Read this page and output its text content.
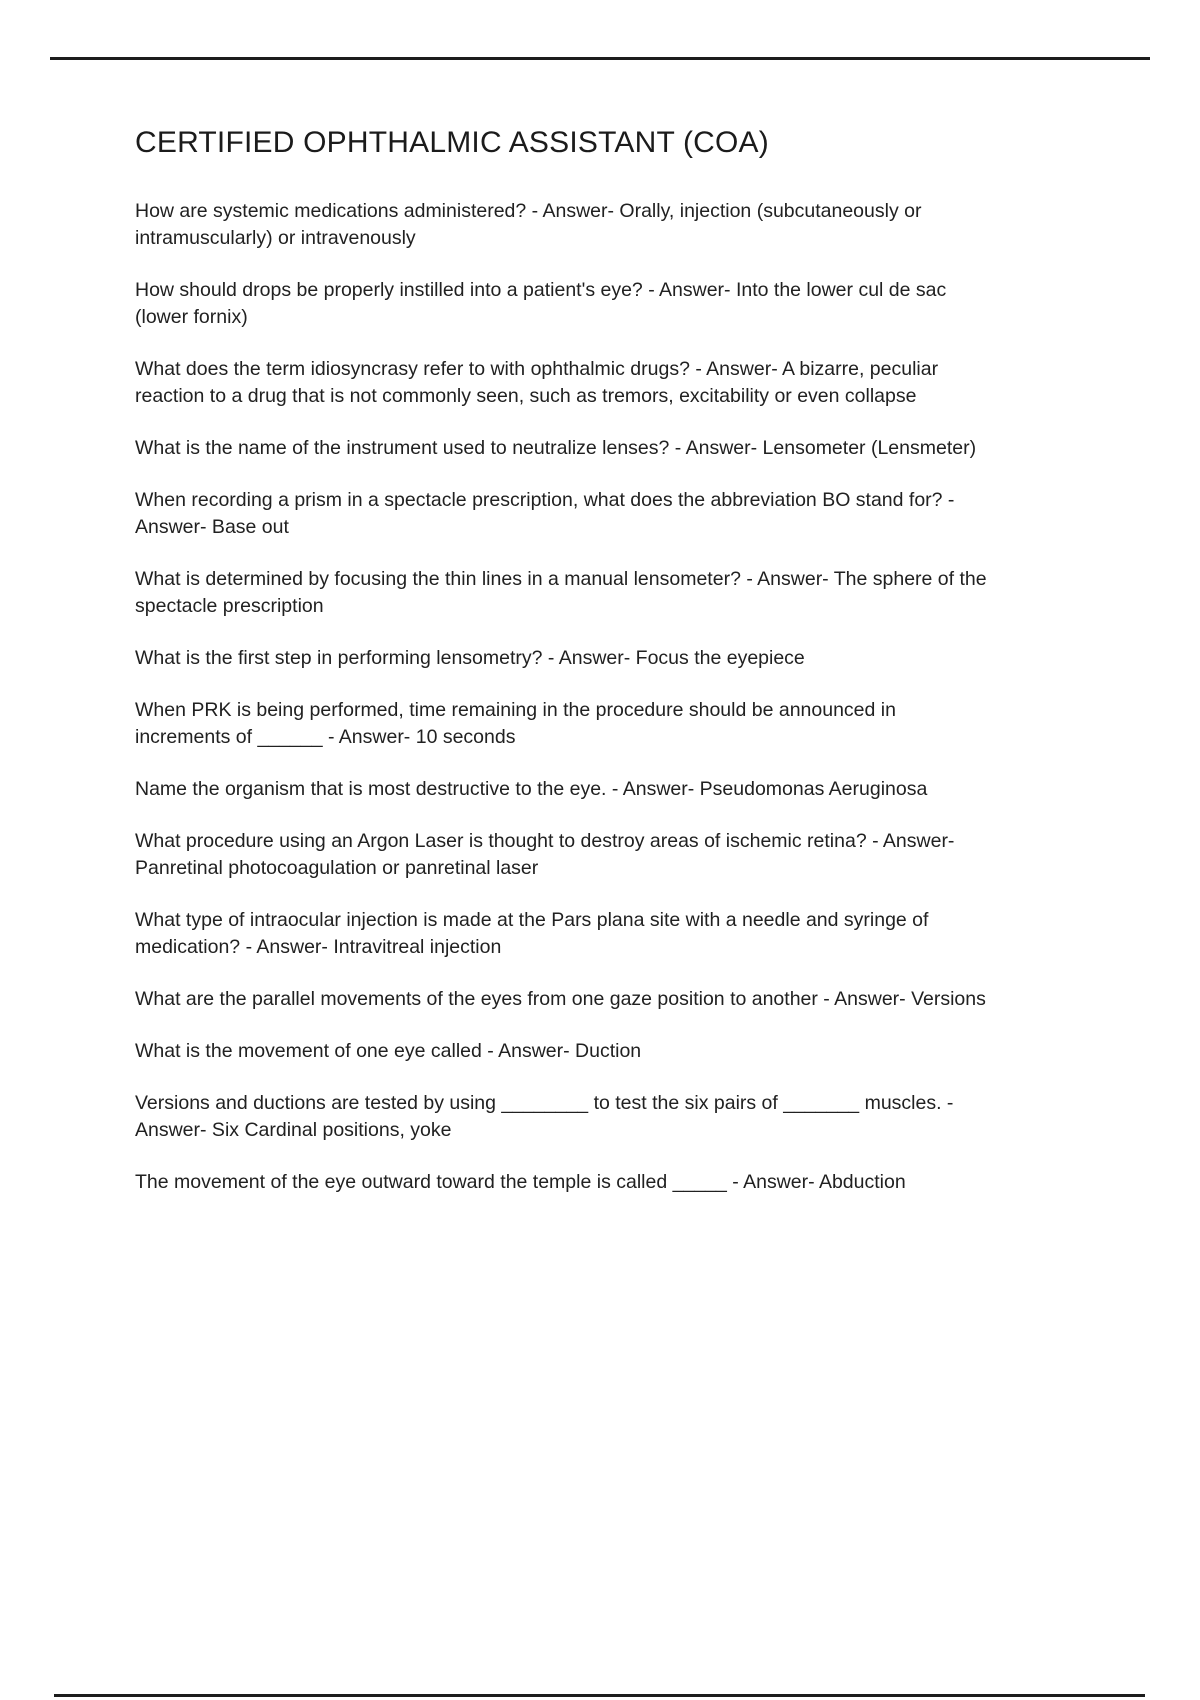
CERTIFIED OPHTHALMIC ASSISTANT (COA)

How are systemic medications administered? - Answer- Orally, injection (subcutaneously or intramuscularly) or intravenously

How should drops be properly instilled into a patient's eye? - Answer- Into the lower cul de sac (lower fornix)

What does the term idiosyncrasy refer to with ophthalmic drugs? - Answer- A bizarre, peculiar reaction to a drug that is not commonly seen, such as tremors, excitability or even collapse

What is the name of the instrument used to neutralize lenses? - Answer- Lensometer (Lensmeter)

When recording a prism in a spectacle prescription, what does the abbreviation BO stand for? - Answer- Base out

What is determined by focusing the thin lines in a manual lensometer? - Answer- The sphere of the spectacle prescription

What is the first step in performing lensometry? - Answer- Focus the eyepiece

When PRK is being performed, time remaining in the procedure should be announced in increments of ______ - Answer- 10 seconds

Name the organism that is most destructive to the eye. - Answer- Pseudomonas Aeruginosa

What procedure using an Argon Laser is thought to destroy areas of ischemic retina? - Answer- Panretinal photocoagulation or panretinal laser

What type of intraocular injection is made at the Pars plana site with a needle and syringe of medication? - Answer- Intravitreal injection

What are the parallel movements of the eyes from one gaze position to another - Answer- Versions

What is the movement of one eye called - Answer- Duction

Versions and ductions are tested by using ________ to test the six pairs of _______ muscles. - Answer- Six Cardinal positions, yoke

The movement of the eye outward toward the temple is called _____ - Answer- Abduction
